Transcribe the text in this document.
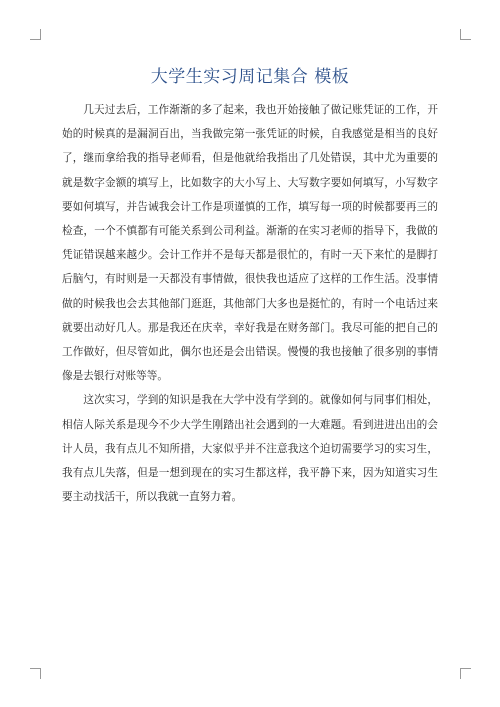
大学生实习周记集合 模板

几天过去后，工作渐渐的多了起来，我也开始接触了做记账凭证的工作，开始的时候真的是漏洞百出，当我做完第一张凭证的时候，自我感觉是相当的良好了，继而拿给我的指导老师看，但是他就给我指出了几处错误，其中尤为重要的就是数字金额的填写上，比如数字的大小写上、大写数字要如何填写，小写数字要如何填写，并告诫我会计工作是项谨慎的工作，填写每一项的时候都要再三的检查，一个不慎都有可能关系到公司利益。渐渐的在实习老师的指导下，我做的凭证错误越来越少。会计工作并不是每天都是很忙的，有时一天下来忙的是脚打后脑勺，有时则是一天都没有事情做，很快我也适应了这样的工作生活。没事情做的时候我也会去其他部门逛逛，其他部门大多也是挺忙的，有时一个电话过来就要出动好几人。那是我还在庆幸，幸好我是在财务部门。我尽可能的把自己的工作做好，但尽管如此，偶尔也还是会出错误。慢慢的我也接触了很多别的事情像是去银行对账等等。

这次实习，学到的知识是我在大学中没有学到的。就像如何与同事们相处，相信人际关系是现今不少大学生刚踏出社会遇到的一大难题。看到进进出出的会计人员，我有点儿不知所措，大家似乎并不注意我这个迫切需要学习的实习生，我有点儿失落，但是一想到现在的实习生都这样，我平静下来，因为知道实习生要主动找活干，所以我就一直努力着。
